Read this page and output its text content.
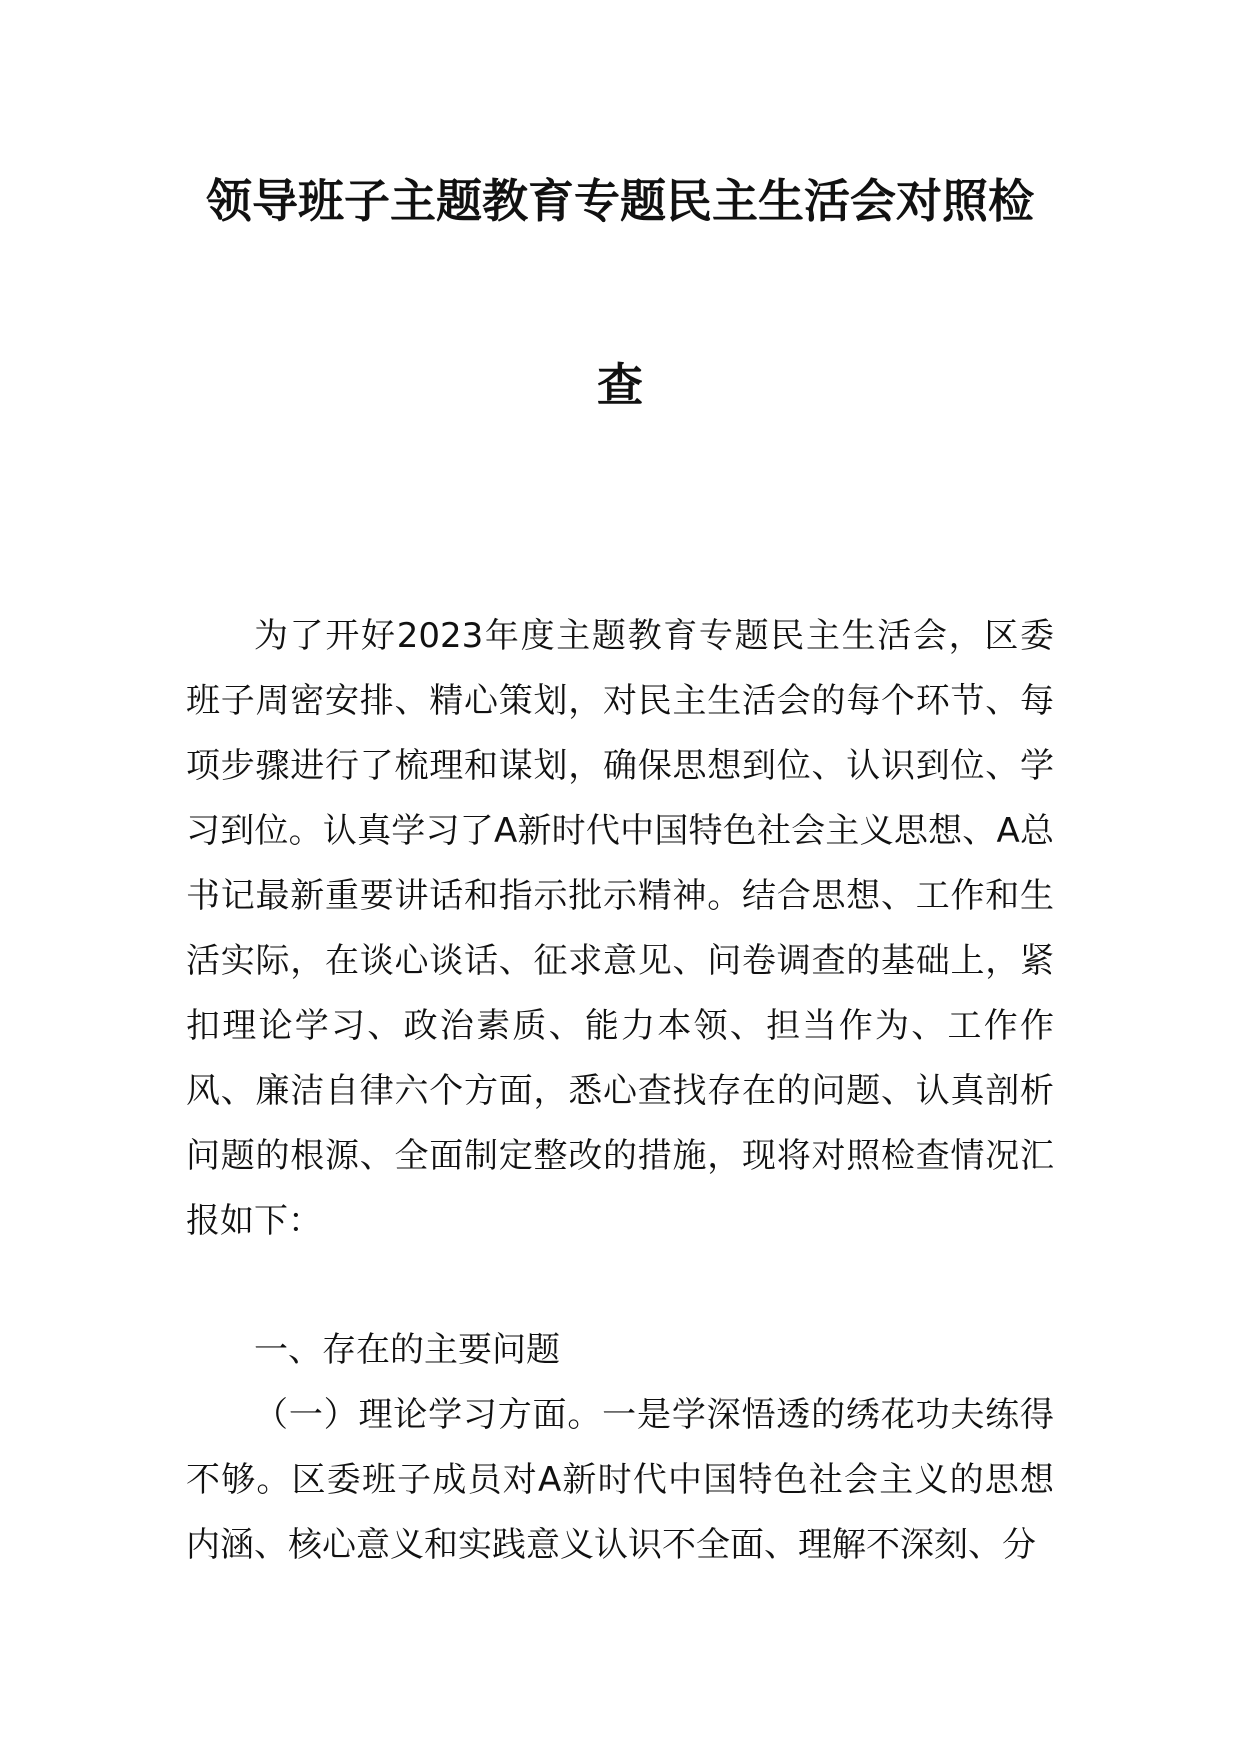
领导班子主题教育专题民主生活会对照检
查

为了开好2023年度主题教育专题民主生活会，区委班子周密安排、精心策划，对民主生活会的每个环节、每项步骤进行了梳理和谋划，确保思想到位、认识到位、学习到位。认真学习了A新时代中国特色社会主义思想、A总书记最新重要讲话和指示批示精神。结合思想、工作和生活实际，在谈心谈话、征求意见、问卷调查的基础上，紧扣理论学习、政治素质、能力本领、担当作为、工作作风、廉洁自律六个方面，悉心查找存在的问题、认真剖析问题的根源、全面制定整改的措施，现将对照检查情况汇报如下：

一、存在的主要问题

（一）理论学习方面。一是学深悟透的绣花功夫练得不够。区委班子成员对A新时代中国特色社会主义的思想内涵、核心意义和实践意义认识不全面、理解不深刻、分
